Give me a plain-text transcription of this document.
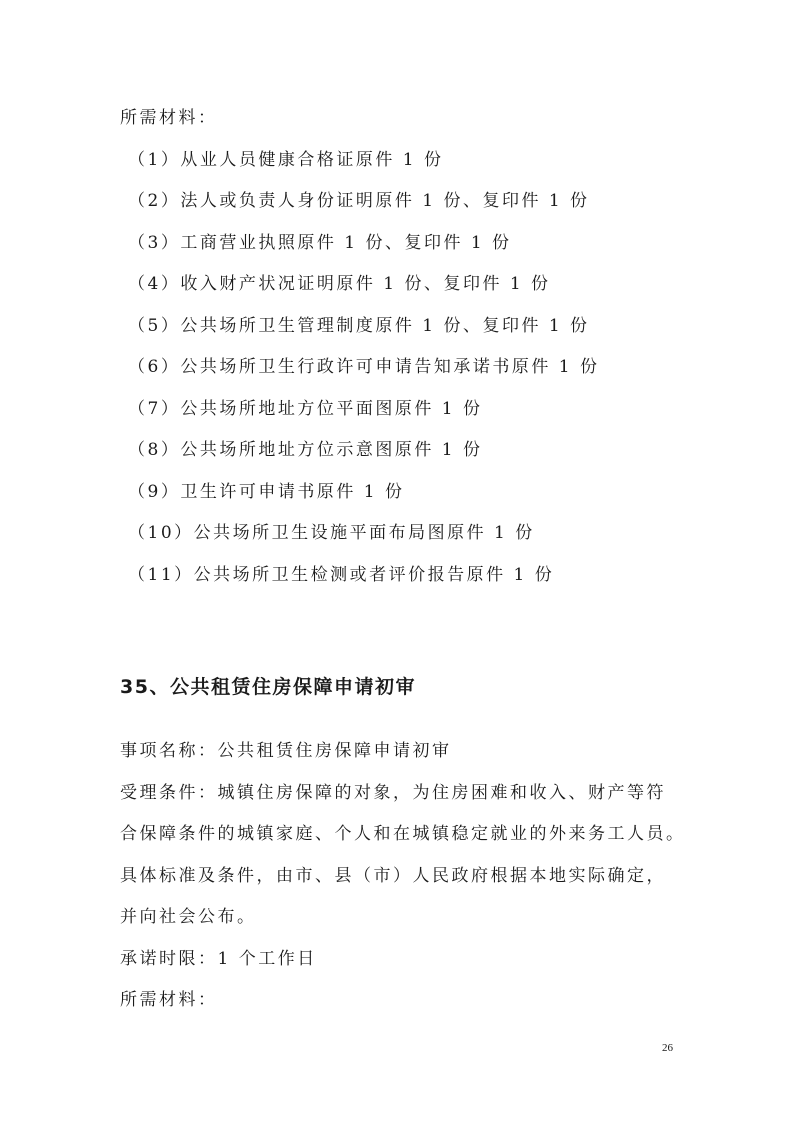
所需材料：
（1）从业人员健康合格证原件 1 份
（2）法人或负责人身份证明原件 1 份、复印件 1 份
（3）工商营业执照原件 1 份、复印件 1 份
（4）收入财产状况证明原件 1 份、复印件 1 份
（5）公共场所卫生管理制度原件 1 份、复印件 1 份
（6）公共场所卫生行政许可申请告知承诺书原件 1 份
（7）公共场所地址方位平面图原件 1 份
（8）公共场所地址方位示意图原件 1 份
（9）卫生许可申请书原件 1 份
（10）公共场所卫生设施平面布局图原件 1 份
（11）公共场所卫生检测或者评价报告原件 1 份
35、公共租赁住房保障申请初审
事项名称：公共租赁住房保障申请初审
受理条件：城镇住房保障的对象，为住房困难和收入、财产等符
合保障条件的城镇家庭、个人和在城镇稳定就业的外来务工人员。
具体标准及条件，由市、县（市）人民政府根据本地实际确定，
并向社会公布。
承诺时限：1 个工作日
所需材料：
26
